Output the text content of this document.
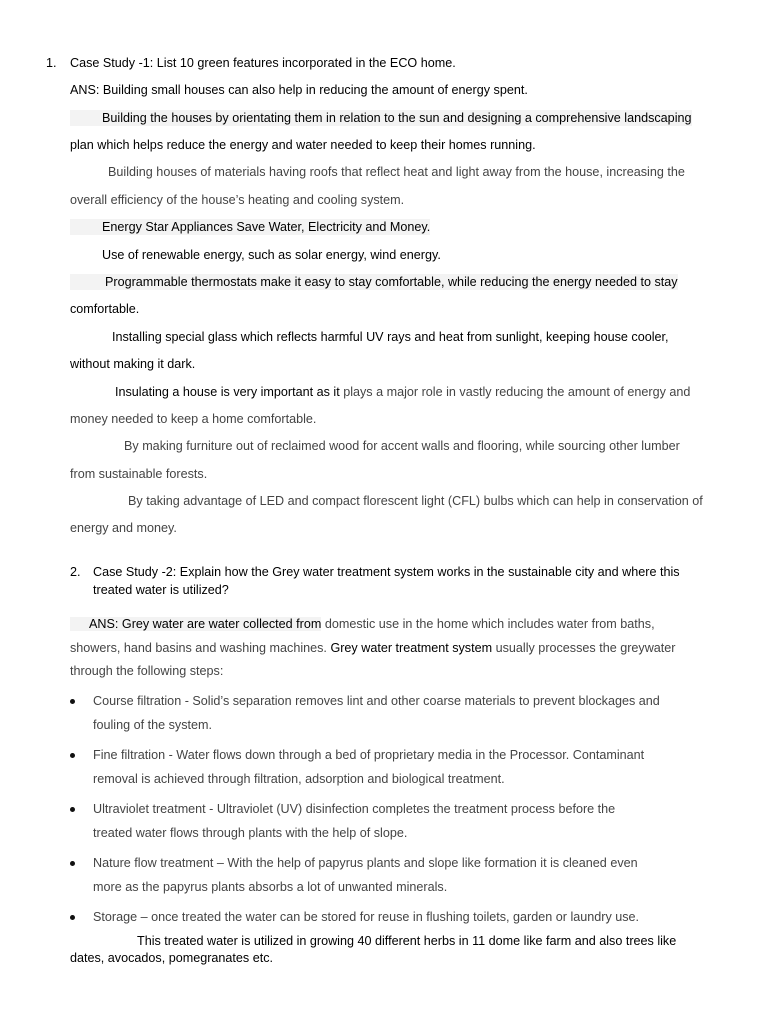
1. Case Study -1: List 10 green features incorporated in the ECO home.
ANS: Building small houses can also help in reducing the amount of energy spent.
Building the houses by orientating them in relation to the sun and designing a comprehensive landscaping
plan which helps reduce the energy and water needed to keep their homes running.
Building houses of materials having roofs that reflect heat and light away from the house, increasing the
overall efficiency of the house’s heating and cooling system.
Energy Star Appliances Save Water, Electricity and Money.
Use of renewable energy, such as solar energy, wind energy.
Programmable thermostats make it easy to stay comfortable, while reducing the energy needed to stay
comfortable.
Installing special glass which reflects harmful UV rays and heat from sunlight, keeping house cooler,
without making it dark.
Insulating a house is very important as it plays a major role in vastly reducing the amount of energy and
money needed to keep a home comfortable.
By making furniture out of reclaimed wood for accent walls and flooring, while sourcing other lumber
from sustainable forests.
By taking advantage of LED and compact florescent light (CFL) bulbs which can help in conservation of
energy and money.
2. Case Study -2: Explain how the Grey water treatment system works in the sustainable city and where this
treated water is utilized?
ANS: Grey water are water collected from domestic use in the home which includes water from baths,
showers, hand basins and washing machines. Grey water treatment system usually processes the greywater
through the following steps:
Course filtration - Solid’s separation removes lint and other coarse materials to prevent blockages and
fouling of the system.
Fine filtration - Water flows down through a bed of proprietary media in the Processor. Contaminant
removal is achieved through filtration, adsorption and biological treatment.
Ultraviolet treatment - Ultraviolet (UV) disinfection completes the treatment process before the
treated water flows through plants with the help of slope.
Nature flow treatment – With the help of papyrus plants and slope like formation it is cleaned even
more as the papyrus plants absorbs a lot of unwanted minerals.
Storage – once treated the water can be stored for reuse in flushing toilets, garden or laundry use.
This treated water is utilized in growing 40 different herbs in 11 dome like farm and also trees like
dates, avocados, pomegranates etc.
